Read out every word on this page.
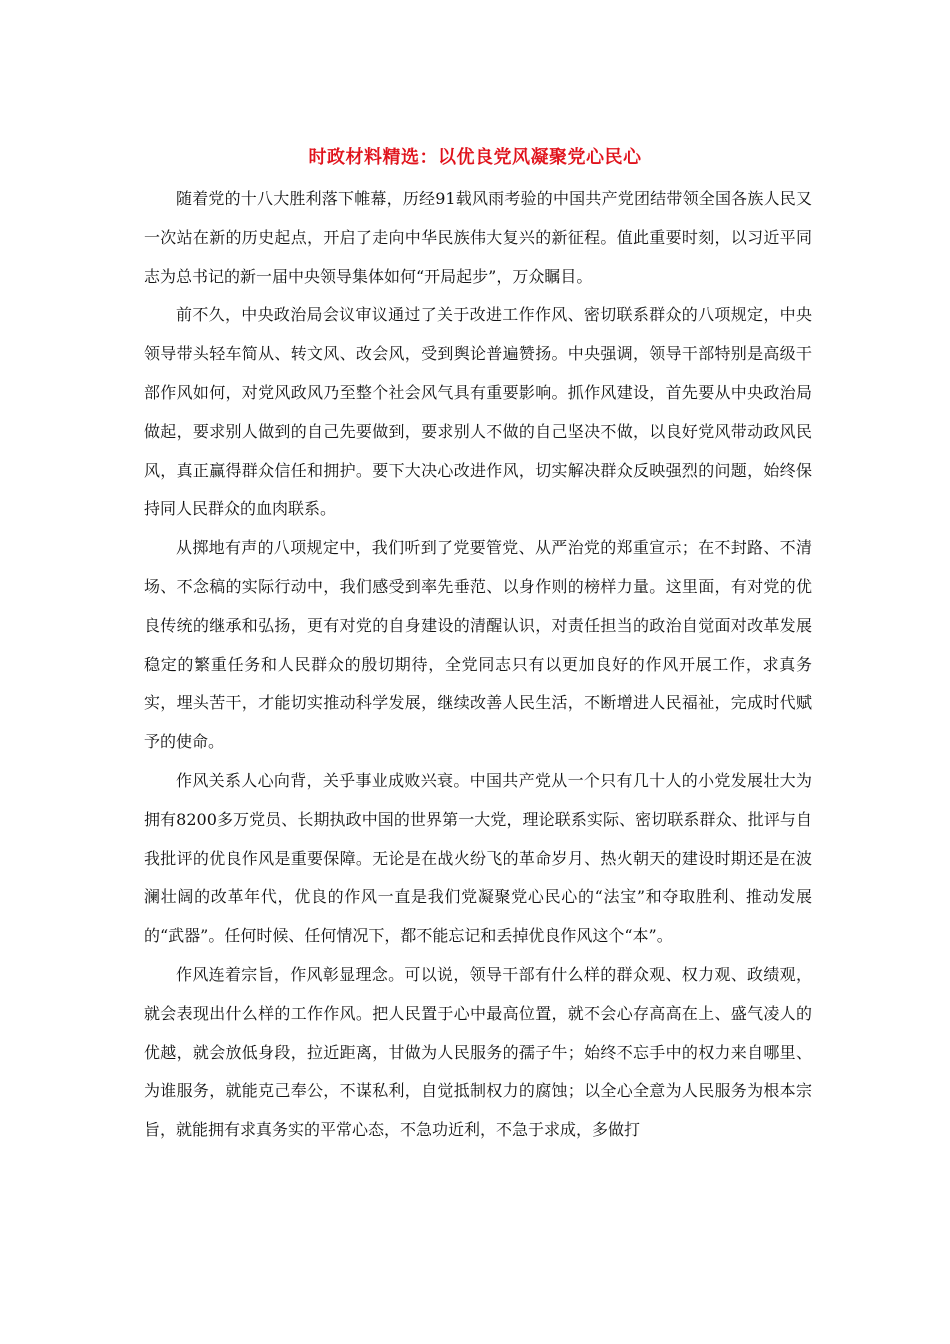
时政材料精选：以优良党风凝聚党心民心

随着党的十八大胜利落下帷幕，历经91载风雨考验的中国共产党团结带领全国各族人民又一次站在新的历史起点，开启了走向中华民族伟大复兴的新征程。值此重要时刻，以习近平同志为总书记的新一届中央领导集体如何“开局起步”，万众瞩目。

前不久，中央政治局会议审议通过了关于改进工作作风、密切联系群众的八项规定，中央领导带头轻车简从、转文风、改会风，受到舆论普遍赞扬。中央强调，领导干部特别是高级干部作风如何，对党风政风乃至整个社会风气具有重要影响。抓作风建设，首先要从中央政治局做起，要求别人做到的自己先要做到，要求别人不做的自己坚决不做，以良好党风带动政风民风，真正赢得群众信任和拥护。要下大决心改进作风，切实解决群众反映强烈的问题，始终保持同人民群众的血肉联系。

从掷地有声的八项规定中，我们听到了党要管党、从严治党的郑重宣示；在不封路、不清场、不念稿的实际行动中，我们感受到率先垂范、以身作则的榜样力量。这里面，有对党的优良传统的继承和弘扬，更有对党的自身建设的清醒认识，对责任担当的政治自觉面对改革发展稳定的繁重任务和人民群众的殷切期待，全党同志只有以更加良好的作风开展工作，求真务实，埋头苦干，才能切实推动科学发展，继续改善人民生活，不断增进人民福祉，完成时代赋予的使命。

作风关系人心向背，关乎事业成败兴衰。中国共产党从一个只有几十人的小党发展壮大为拥有8200多万党员、长期执政中国的世界第一大党，理论联系实际、密切联系群众、批评与自我批评的优良作风是重要保障。无论是在战火纷飞的革命岁月、热火朝天的建设时期还是在波澜壮阔的改革年代，优良的作风一直是我们党凝聚党心民心的“法宝”和夺取胜利、推动发展的“武器”。任何时候、任何情况下，都不能忘记和丢掉优良作风这个“本”。

作风连着宗旨，作风彰显理念。可以说，领导干部有什么样的群众观、权力观、政绩观，就会表现出什么样的工作作风。把人民置于心中最高位置，就不会心存高高在上、盛气凌人的优越，就会放低身段，拉近距离，甘做为人民服务的孺子牛；始终不忘手中的权力来自哪里、为谁服务，就能克己奉公，不谋私利，自觉抵制权力的腐蚀；以全心全意为人民服务为根本宗旨，就能拥有求真务实的平常心态，不急功近利，不急于求成，多做打
